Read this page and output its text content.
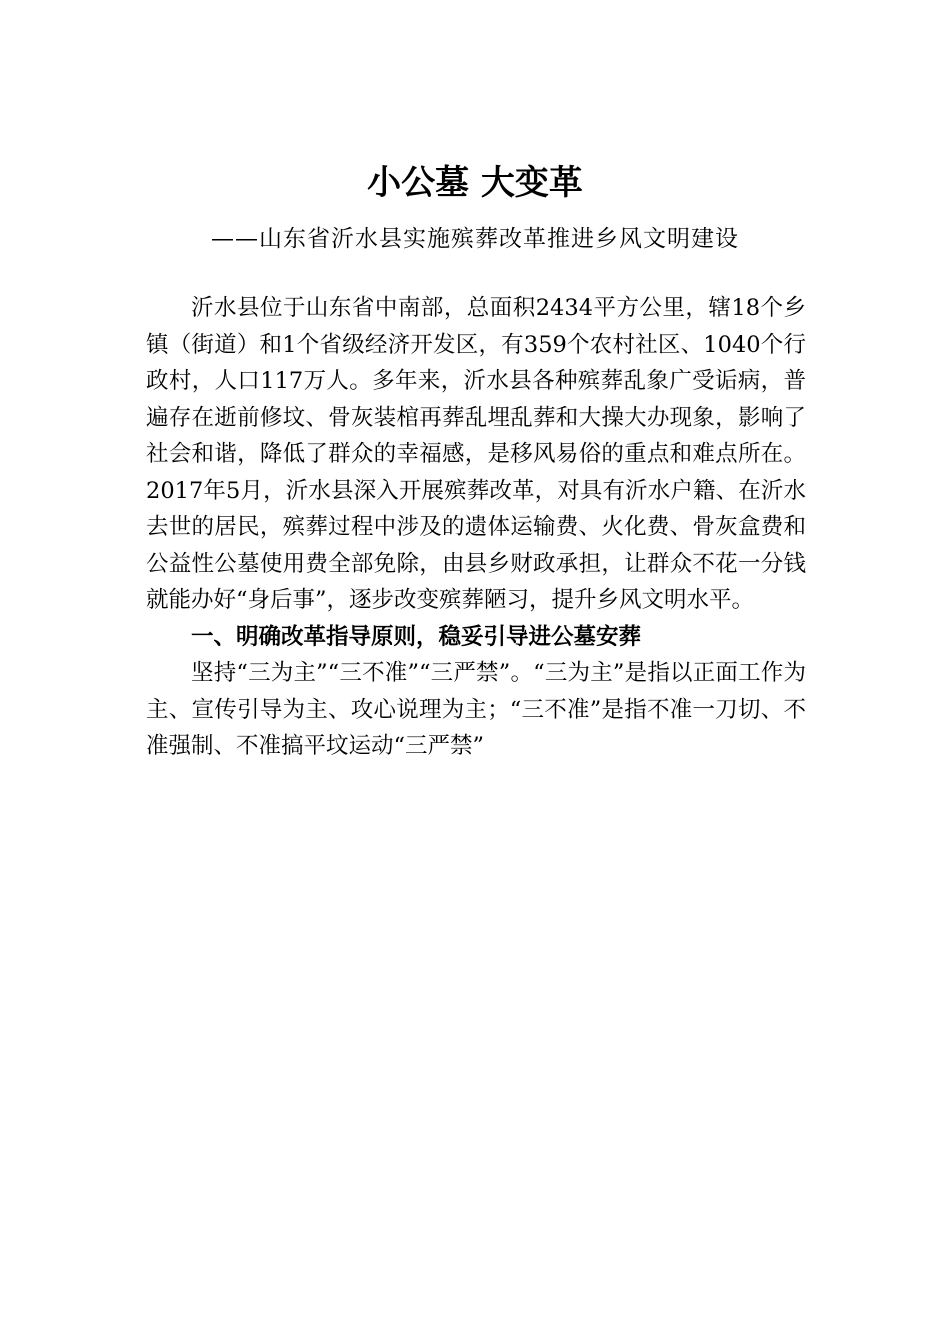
小公墓 大变革
——山东省沂水县实施殡葬改革推进乡风文明建设

沂水县位于山东省中南部，总面积2434平方公里，辖18个乡镇（街道）和1个省级经济开发区，有359个农村社区、1040个行政村，人口117万人。多年来，沂水县各种殡葬乱象广受诟病，普遍存在逝前修坟、骨灰装棺再葬乱埋乱葬和大操大办现象，影响了社会和谐，降低了群众的幸福感，是移风易俗的重点和难点所在。2017年5月，沂水县深入开展殡葬改革，对具有沂水户籍、在沂水去世的居民，殡葬过程中涉及的遗体运输费、火化费、骨灰盒费和公益性公墓使用费全部免除，由县乡财政承担，让群众不花一分钱就能办好“身后事”，逐步改变殡葬陋习，提升乡风文明水平。

一、明确改革指导原则，稳妥引导进公墓安葬

坚持“三为主”“三不准”“三严禁”。“三为主”是指以正面工作为主、宣传引导为主、攻心说理为主；“三不准”是指不准一刀切、不准强制、不准搞平坟运动“三严禁”
